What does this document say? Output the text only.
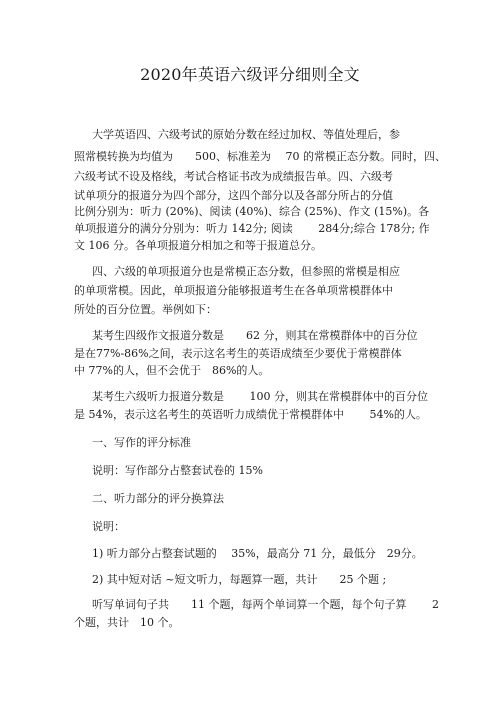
2020年英语六级评分细则全文
大学英语四、六级考试的原始分数在经过加权、等值处理后，参
照常模转换为均值为　　500、标准差为　 70 的常模正态分数。同时，四、
六级考试不设及格线，考试合格证书改为成绩报告单。四、六级考
试单项分的报道分为四个部分，这四个部分以及各部分所占的分值
比例分别为：听力 (20%)、阅读 (40%)、综合 (25%)、作文 (15%)。各
单项报道分的满分分别为：听力 142分; 阅读　　 284分;综合 178分; 作
文 106 分。各单项报道分相加之和等于报道总分。
四、六级的单项报道分也是常模正态分数，但参照的常模是相应
的单项常模。因此，单项报道分能够报道考生在各单项常模群体中
所处的百分位置。举例如下：
某考生四级作文报道分数是　　62 分，则其在常模群体中的百分位
是在77%-86%之间，表示这名考生的英语成绩至少要优于常模群体
中 77%的人，但不会优于　86%的人。
某考生六级听力报道分数是　　 100 分，则其在常模群体中的百分位
是 54%，表示这名考生的英语听力成绩优于常模群体中　　 54%的人。
一、写作的评分标准
说明：写作部分占整套试卷的 15%
二、听力部分的评分换算法
说明：
1) 听力部分占整套试题的　 35%，最高分 71 分，最低分　29分。
2) 其中短对话 ~短文听力，每题算一题，共计　　25 个题 ;
听写单词句子共　　11 个题，每两个单词算一个题，每个句子算　　 2
个题，共计　10 个。
